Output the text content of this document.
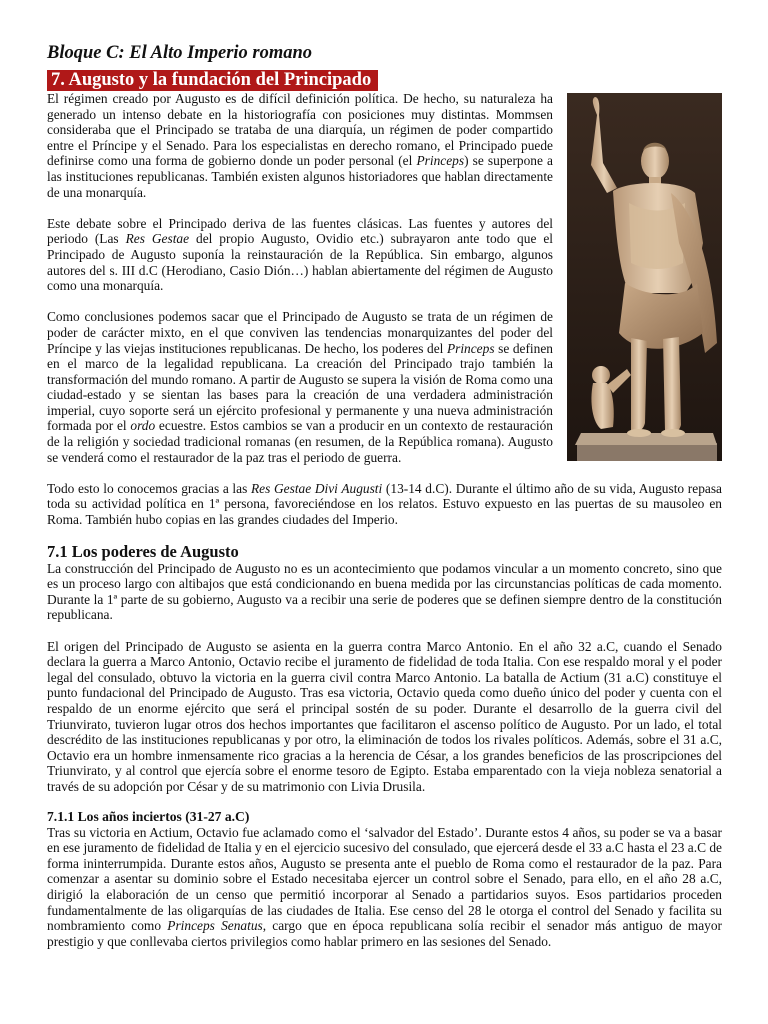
Bloque C: El Alto Imperio romano
7. Augusto y la fundación del Principado

El régimen creado por Augusto es de difícil definición política. De hecho, su naturaleza ha generado un intenso debate en la historiografía con posiciones muy distintas. Mommsen consideraba que el Principado se trataba de una diarquía, un régimen de poder compartido entre el Príncipe y el Senado. Para los especialistas en derecho romano, el Principado puede definirse como una forma de gobierno donde un poder personal (el Princeps) se superpone a las instituciones republicanas. También existen algunos historiadores que hablan directamente de una monarquía.

Este debate sobre el Principado deriva de las fuentes clásicas. Las fuentes y autores del periodo (Las Res Gestae del propio Augusto, Ovidio etc.) subrayaron ante todo que el Principado de Augusto suponía la reinstauración de la República. Sin embargo, algunos autores del s. III d.C (Herodiano, Casio Dión…) hablan abiertamente del régimen de Augusto como una monarquía.

Como conclusiones podemos sacar que el Principado de Augusto se trata de un régimen de poder de carácter mixto, en el que conviven las tendencias monarquizantes del poder del Príncipe y las viejas instituciones republicanas. De hecho, los poderes del Princeps se definen en el marco de la legalidad republicana. La creación del Principado trajo también la transformación del mundo romano. A partir de Augusto se supera la visión de Roma como una ciudad-estado y se sientan las bases para la creación de una verdadera administración imperial, cuyo soporte será un ejército profesional y permanente y una nueva administración formada por el ordo ecuestre. Estos cambios se van a producir en un contexto de restauración de la religión y sociedad tradicional romanas (en resumen, de la República romana). Augusto se venderá como el restaurador de la paz tras el periodo de guerra.

Todo esto lo conocemos gracias a las Res Gestae Divi Augusti (13-14 d.C). Durante el último año de su vida, Augusto repasa toda su actividad política en 1ª persona, favoreciéndose en los relatos. Estuvo expuesto en las puertas de su mausoleo en Roma. También hubo copias en las grandes ciudades del Imperio.

7.1 Los poderes de Augusto

La construcción del Principado de Augusto no es un acontecimiento que podamos vincular a un momento concreto, sino que es un proceso largo con altibajos que está condicionando en buena medida por las circunstancias políticas de cada momento. Durante la 1ª parte de su gobierno, Augusto va a recibir una serie de poderes que se definen siempre dentro de la constitución republicana.

El origen del Principado de Augusto se asienta en la guerra contra Marco Antonio. En el año 32 a.C, cuando el Senado declara la guerra a Marco Antonio, Octavio recibe el juramento de fidelidad de toda Italia. Con ese respaldo moral y el poder legal del consulado, obtuvo la victoria en la guerra civil contra Marco Antonio. La batalla de Actium (31 a.C) constituye el punto fundacional del Principado de Augusto. Tras esa victoria, Octavio queda como dueño único del poder y cuenta con el respaldo de un enorme ejército que será el principal sostén de su poder. Durante el desarrollo de la guerra civil del Triunvirato, tuvieron lugar otros dos hechos importantes que facilitaron el ascenso político de Augusto. Por un lado, el total descrédito de las instituciones republicanas y por otro, la eliminación de todos los rivales políticos. Además, sobre el 31 a.C, Octavio era un hombre inmensamente rico gracias a la herencia de César, a los grandes beneficios de las proscripciones del Triunvirato, y al control que ejercía sobre el enorme tesoro de Egipto. Estaba emparentado con la vieja nobleza senatorial a través de su adopción por César y de su matrimonio con Livia Drusila.

7.1.1 Los años inciertos (31-27 a.C)

Tras su victoria en Actium, Octavio fue aclamado como el ‘salvador del Estado’. Durante estos 4 años, su poder se va a basar en ese juramento de fidelidad de Italia y en el ejercicio sucesivo del consulado, que ejercerá desde el 33 a.C hasta el 23 a.C de forma ininterrumpida. Durante estos años, Augusto se presenta ante el pueblo de Roma como el restaurador de la paz. Para comenzar a asentar su dominio sobre el Estado necesitaba ejercer un control sobre el Senado, para ello, en el año 28 a.C, dirigió la elaboración de un censo que permitió incorporar al Senado a partidarios suyos. Esos partidarios proceden fundamentalmente de las oligarquías de las ciudades de Italia. Ese censo del 28 le otorga el control del Senado y facilita su nombramiento como Princeps Senatus, cargo que en época republicana solía recibir el senador más antiguo de mayor prestigio y que conllevaba ciertos privilegios como hablar primero en las sesiones del Senado.
